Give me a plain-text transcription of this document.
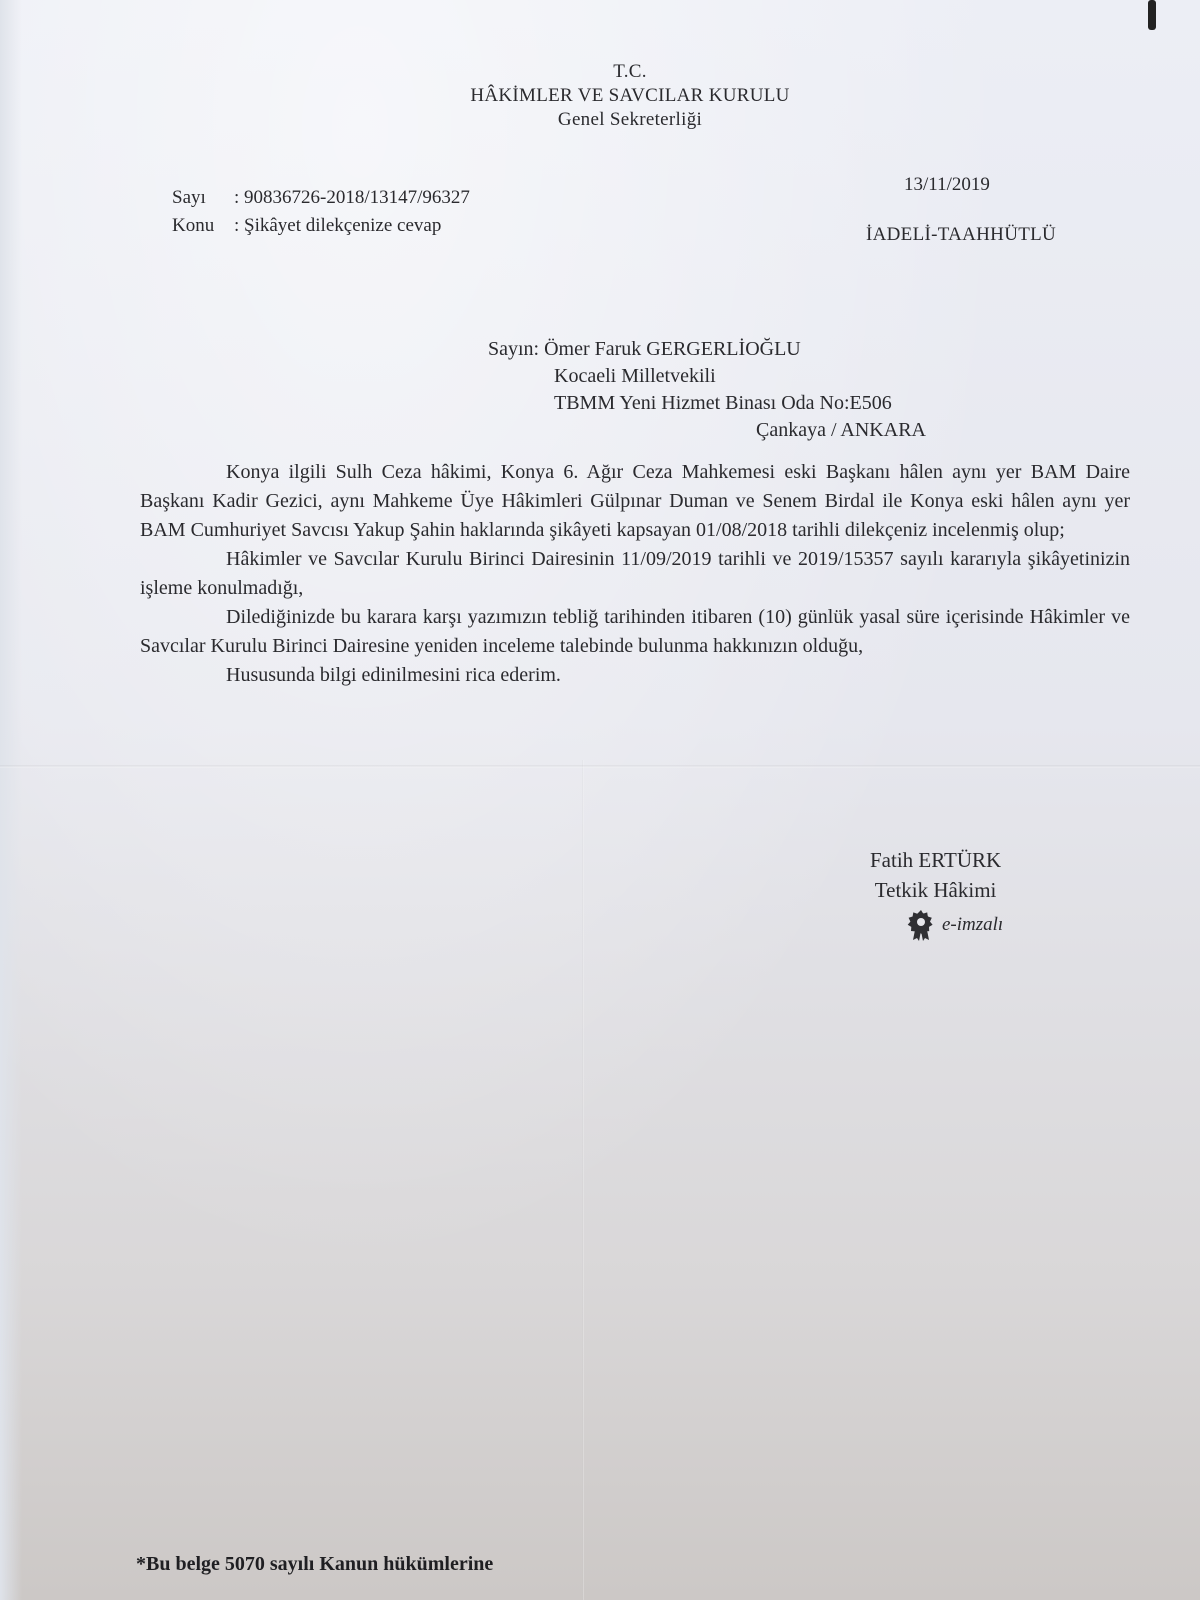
T.C.
HÂKİMLER VE SAVCILAR KURULU
Genel Sekreterliği
Sayı	: 90836726-2018/13147/96327
Konu	: Şikâyet dilekçenize cevap
13/11/2019
İADELİ-TAAHHÜTLÜ
Sayın: Ömer Faruk GERGERLİOĞLU
Kocaeli Milletvekili
TBMM Yeni Hizmet Binası Oda No:E506
Çankaya / ANKARA

Konya ilgili Sulh Ceza hâkimi, Konya 6. Ağır Ceza Mahkemesi eski Başkanı hâlen aynı yer BAM Daire Başkanı Kadir Gezici, aynı Mahkeme Üye Hâkimleri Gülpınar Duman ve Senem Birdal ile Konya eski hâlen aynı yer BAM Cumhuriyet Savcısı Yakup Şahin haklarında şikâyeti kapsayan 01/08/2018 tarihli dilekçeniz incelenmiş olup;

Hâkimler ve Savcılar Kurulu Birinci Dairesinin 11/09/2019 tarihli ve 2019/15357 sayılı kararıyla şikâyetinizin işleme konulmadığı,

Dilediğinizde bu karara karşı yazımızın tebliğ tarihinden itibaren (10) günlük yasal süre içerisinde Hâkimler ve Savcılar Kurulu Birinci Dairesine yeniden inceleme talebinde bulunma hakkınızın olduğu,

Hususunda bilgi edinilmesini rica ederim.

Fatih ERTÜRK
Tetkik Hâkimi
e-imzalı
*Bu belge 5070 sayılı Kanun hükümlerine
